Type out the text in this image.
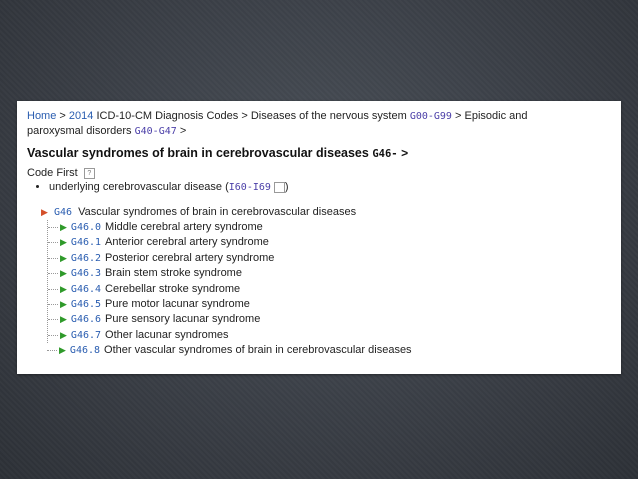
Home > 2014 ICD-10-CM Diagnosis Codes > Diseases of the nervous system G00-G99 > Episodic and
paroxysmal disorders G40-G47 >
Vascular syndromes of brain in cerebrovascular diseases G46- >
Code First ?
• underlying cerebrovascular disease (I60-I69 )
▶ G46 Vascular syndromes of brain in cerebrovascular diseases
▶ G46.0 Middle cerebral artery syndrome
▶ G46.1 Anterior cerebral artery syndrome
▶ G46.2 Posterior cerebral artery syndrome
▶ G46.3 Brain stem stroke syndrome
▶ G46.4 Cerebellar stroke syndrome
▶ G46.5 Pure motor lacunar syndrome
▶ G46.6 Pure sensory lacunar syndrome
▶ G46.7 Other lacunar syndromes
▶ G46.8 Other vascular syndromes of brain in cerebrovascular diseases
